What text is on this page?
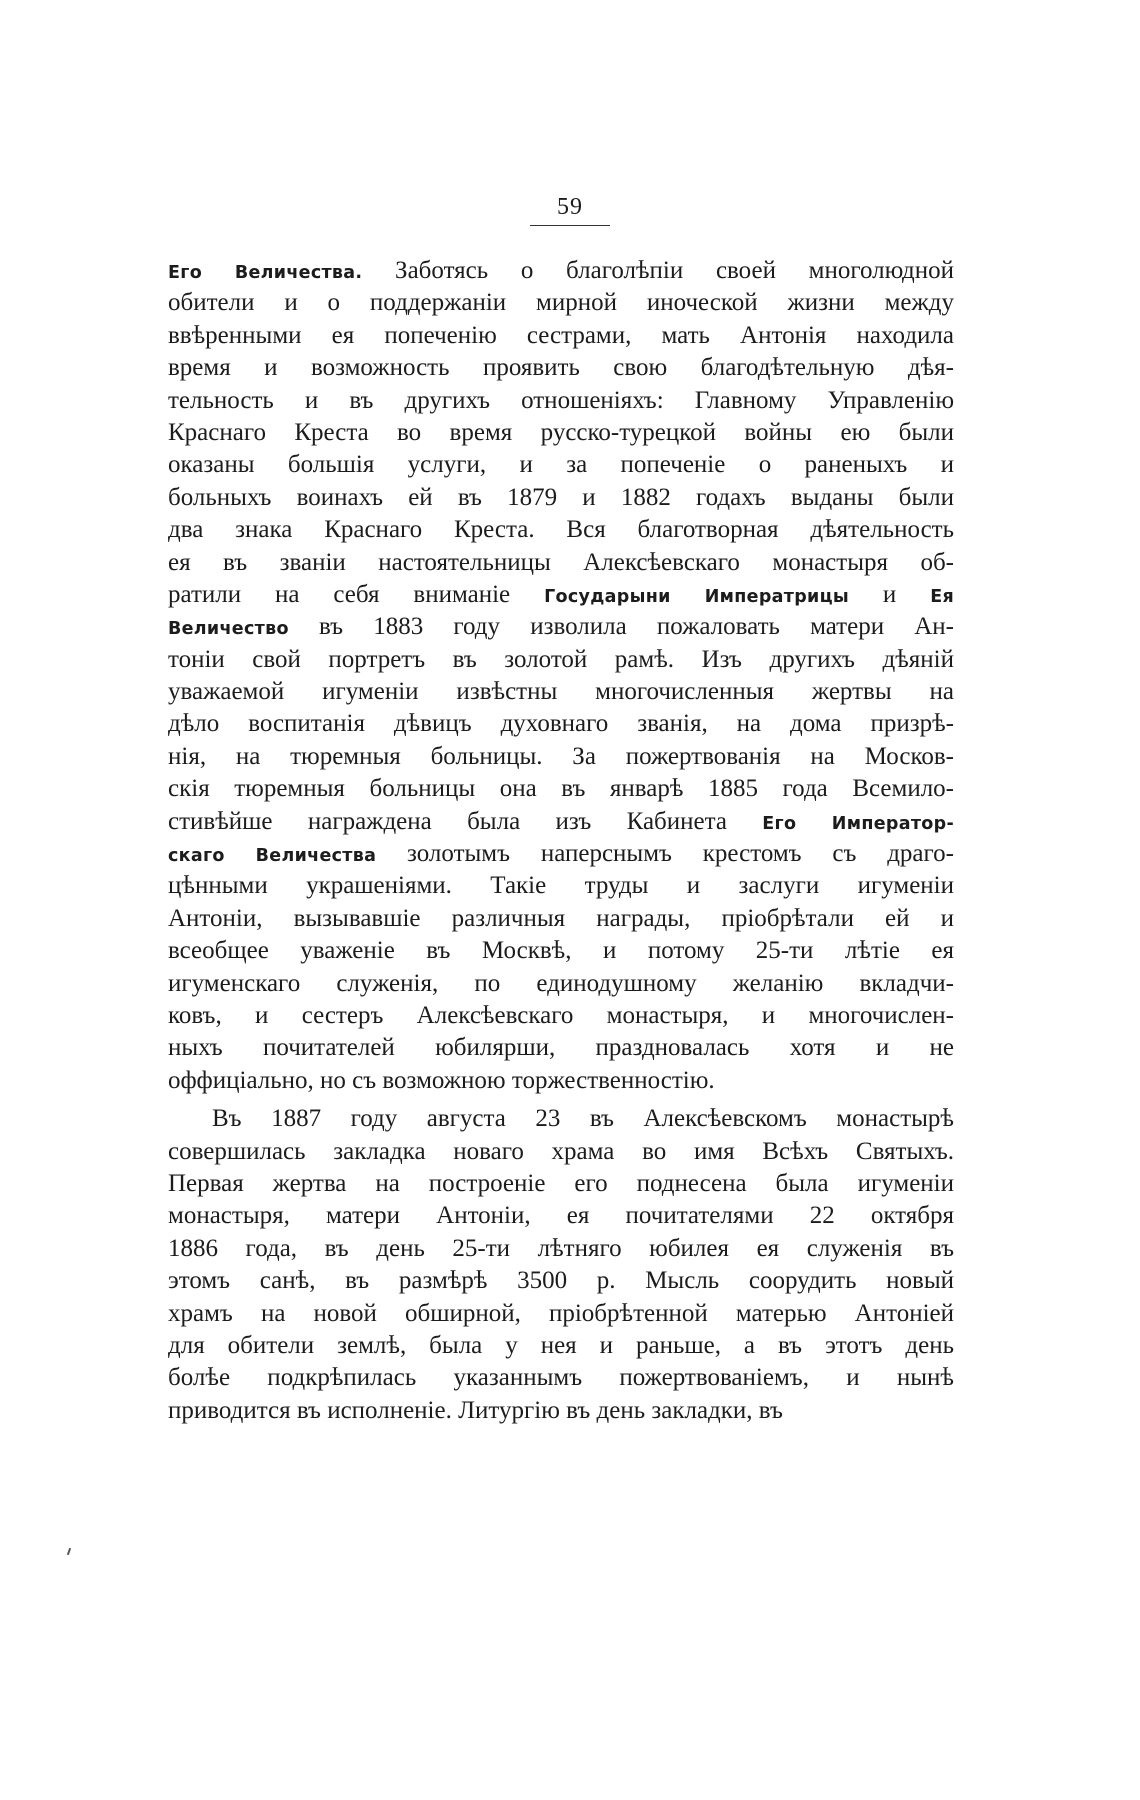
59
Его Величества. Заботясь о благолѣпіи своей многолюдной
обители и о поддержаніи мирной иноческой жизни между
ввѣренными ея попеченію сестрами, мать Антонія находила
время и возможность проявить свою благодѣтельную дѣя-
тельность и въ другихъ отношеніяхъ: Главному Управленію
Краснаго Креста во время русско-турецкой войны ею были
оказаны большія услуги, и за попеченіе о раненыхъ и
больныхъ воинахъ ей въ 1879 и 1882 годахъ выданы были
два знака Краснаго Креста. Вся благотворная дѣятельность
ея въ званіи настоятельницы Алексѣевскаго монастыря об-
ратили на себя вниманіе Государыни Императрицы и Ея
Величество въ 1883 году изволила пожаловать матери Ан-
тоніи свой портретъ въ золотой рамѣ. Изъ другихъ дѣяній
уважаемой игуменіи извѣстны многочисленныя жертвы на
дѣло воспитанія дѣвицъ духовнаго званія, на дома призрѣ-
нія, на тюремныя больницы. За пожертвованія на Москов-
скія тюремныя больницы она въ январѣ 1885 года Всемило-
стивѣйше награждена была изъ Кабинета Его Император-
скаго Величества золотымъ наперснымъ крестомъ съ драго-
цѣнными украшеніями. Такіе труды и заслуги игуменіи
Антоніи, вызывавшіе различныя награды, пріобрѣтали ей и
всеобщее уваженіе въ Москвѣ, и потому 25-ти лѣтіе ея
игуменскаго служенія, по единодушному желанію вкладчи-
ковъ, и сестеръ Алексѣевскаго монастыря, и многочислен-
ныхъ почитателей юбилярши, праздновалась хотя и не
оффиціально, но съ возможною торжественностію.
Въ 1887 году августа 23 въ Алексѣевскомъ монастырѣ
совершилась закладка новаго храма во имя Всѣхъ Святыхъ.
Первая жертва на построеніе его поднесена была игуменіи
монастыря, матери Антоніи, ея почитателями 22 октября
1886 года, въ день 25-ти лѣтняго юбилея ея служенія въ
этомъ санѣ, въ размѣрѣ 3500 р. Мысль соорудить новый
храмъ на новой обширной, пріобрѣтенной матерью Антоніей
для обители землѣ, была у нея и раньше, а въ этотъ день
болѣе подкрѣпилась указаннымъ пожертвованіемъ, и нынѣ
приводится въ исполненіе. Литургію въ день закладки, въ
